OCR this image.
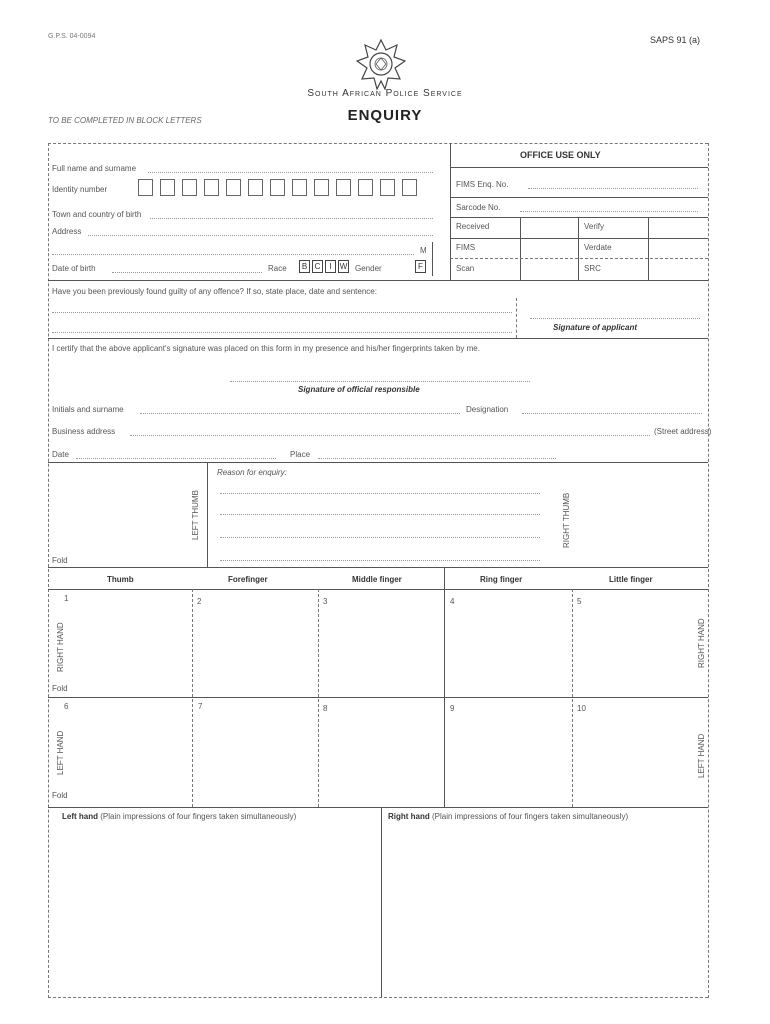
G.P.S. 04-0094	SAPS 91 (a)
South African Police Service
TO BE COMPLETED IN BLOCK LETTERS	ENQUIRY
Full name and surname
Identity number
Town and country of birth
Address
M
Date of birth	Race	B C	I	W Gender	F
OFFICE USE ONLY
FIMS Enq. No.
Sarcode No.
Received	Verify
FIMS	Verdate
Scan	SRC
Have you been previously found guilty of any offence? If so, state place, date and sentence:
Signature of applicant
I certify that the above applicant's signature was placed on this form in my presence and his/her fingerprints taken by me.
Signature of official responsible
Initials and surname	Designation
Business address	(Street address)
Date	Place
Reason for enquiry:
LEFT THUMB	RIGHT THUMB
Fold
Thumb	Forefinger	Middle finger	Ring finger	Little finger
1	2	3	4	5
RIGHT HAND	RIGHT HAND
Fold
6	7	8	9	10
LEFT HAND	LEFT HAND
Fold
Left hand (Plain impressions of four fingers taken simultaneously)	Right hand (Plain impressions of four fingers taken simultaneously)
